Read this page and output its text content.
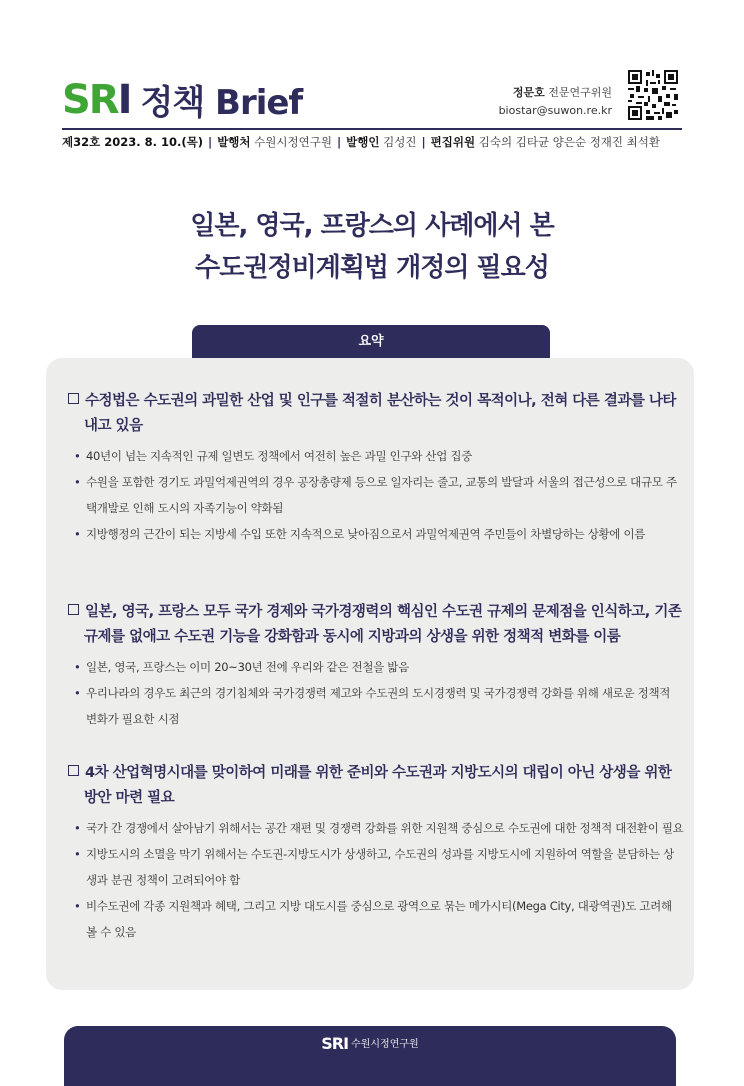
SR I 정책 Brief	정문호 전문연구위원
biostar@suwon.re.kr
제32호 2023. 8. 10.(목) | 발행처 수원시정연구원 | 발행인 김성진 | 편집위원 김숙의 김타균 양은순 정재진 최석환
일본, 영국, 프랑스의 사례에서 본
수도권정비계획법 개정의 필요성
요약
수정법은 수도권의 과밀한 산업 및 인구를 적절히 분산하는 것이 목적이나, 전혀 다른 결과를 나타내고 있음
• 40년이 넘는 지속적인 규제 일변도 정책에서 여전히 높은 과밀 인구와 산업 집중
• 수원을 포함한 경기도 과밀억제권역의 경우 공장총량제 등으로 일자리는 줄고, 교통의 발달과 서울의 접근성으로 대규모 주택개발로 인해 도시의 자족기능이 약화됨
• 지방행정의 근간이 되는 지방세 수입 또한 지속적으로 낮아짐으로서 과밀억제권역 주민들이 차별당하는 상황에 이름
일본, 영국, 프랑스 모두 국가 경제와 국가경쟁력의 핵심인 수도권 규제의 문제점을 인식하고, 기존 규제를 없애고 수도권 기능을 강화함과 동시에 지방과의 상생을 위한 정책적 변화를 이룸
• 일본, 영국, 프랑스는 이미 20~30년 전에 우리와 같은 전철을 밟음
• 우리나라의 경우도 최근의 경기침체와 국가경쟁력 제고와 수도권의 도시경쟁력 및 국가경쟁력 강화를 위해 새로운 정책적 변화가 필요한 시점
4차 산업혁명시대를 맞이하여 미래를 위한 준비와 수도권과 지방도시의 대립이 아닌 상생을 위한 방안 마련 필요
• 국가 간 경쟁에서 살아남기 위해서는 공간 재편 및 경쟁력 강화를 위한 지원책 중심으로 수도권에 대한 정책적 대전환이 필요
• 지방도시의 소멸을 막기 위해서는 수도권-지방도시가 상생하고, 수도권의 성과를 지방도시에 지원하여 역할을 분담하는 상생과 분권 정책이 고려되어야 함
• 비수도권에 각종 지원책과 혜택, 그리고 지방 대도시를 중심으로 광역으로 묶는 메가시티(Mega City, 대광역권)도 고려해 볼 수 있음
SRI 수원시정연구원
